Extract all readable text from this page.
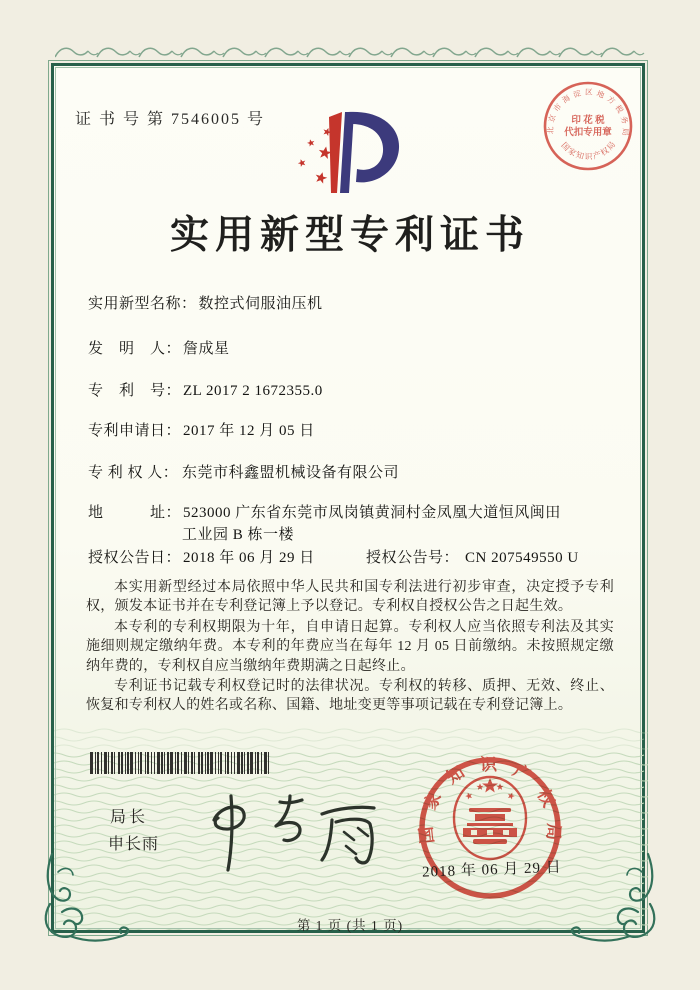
证 书 号 第 7546005 号
实用新型专利证书
实用新型名称： 数控式伺服油压机
发　明　人： 詹成星
专　利　号： ZL 2017 2 1672355.0
专利申请日： 2017 年 12 月 05 日
专 利 权 人： 东莞市科鑫盟机械设备有限公司
地　　　址： 523000 广东省东莞市凤岗镇黄洞村金凤凰大道恒风闽田
工业园 B 栋一楼
授权公告日： 2018 年 06 月 29 日	授权公告号： CN 207549550 U

本实用新型经过本局依照中华人民共和国专利法进行初步审查，决定授予专利权，颁发本证书并在专利登记簿上予以登记。专利权自授权公告之日起生效。

本专利的专利权期限为十年，自申请日起算。专利权人应当依照专利法及其实施细则规定缴纳年费。本专利的年费应当在每年 12 月 05 日前缴纳。未按照规定缴纳年费的，专利权自应当缴纳年费期满之日起终止。

专利证书记载专利权登记时的法律状况。专利权的转移、质押、无效、终止、恢复和专利权人的姓名或名称、国籍、地址变更等事项记载在专利登记簿上。

局长
申长雨	国 家 知 识 产 权 局
2018 年 06 月 29 日
北京市海淀区地方税务局
印 花 税
代扣专用章
国家知识产权局
第 1 页 (共 1 页)
